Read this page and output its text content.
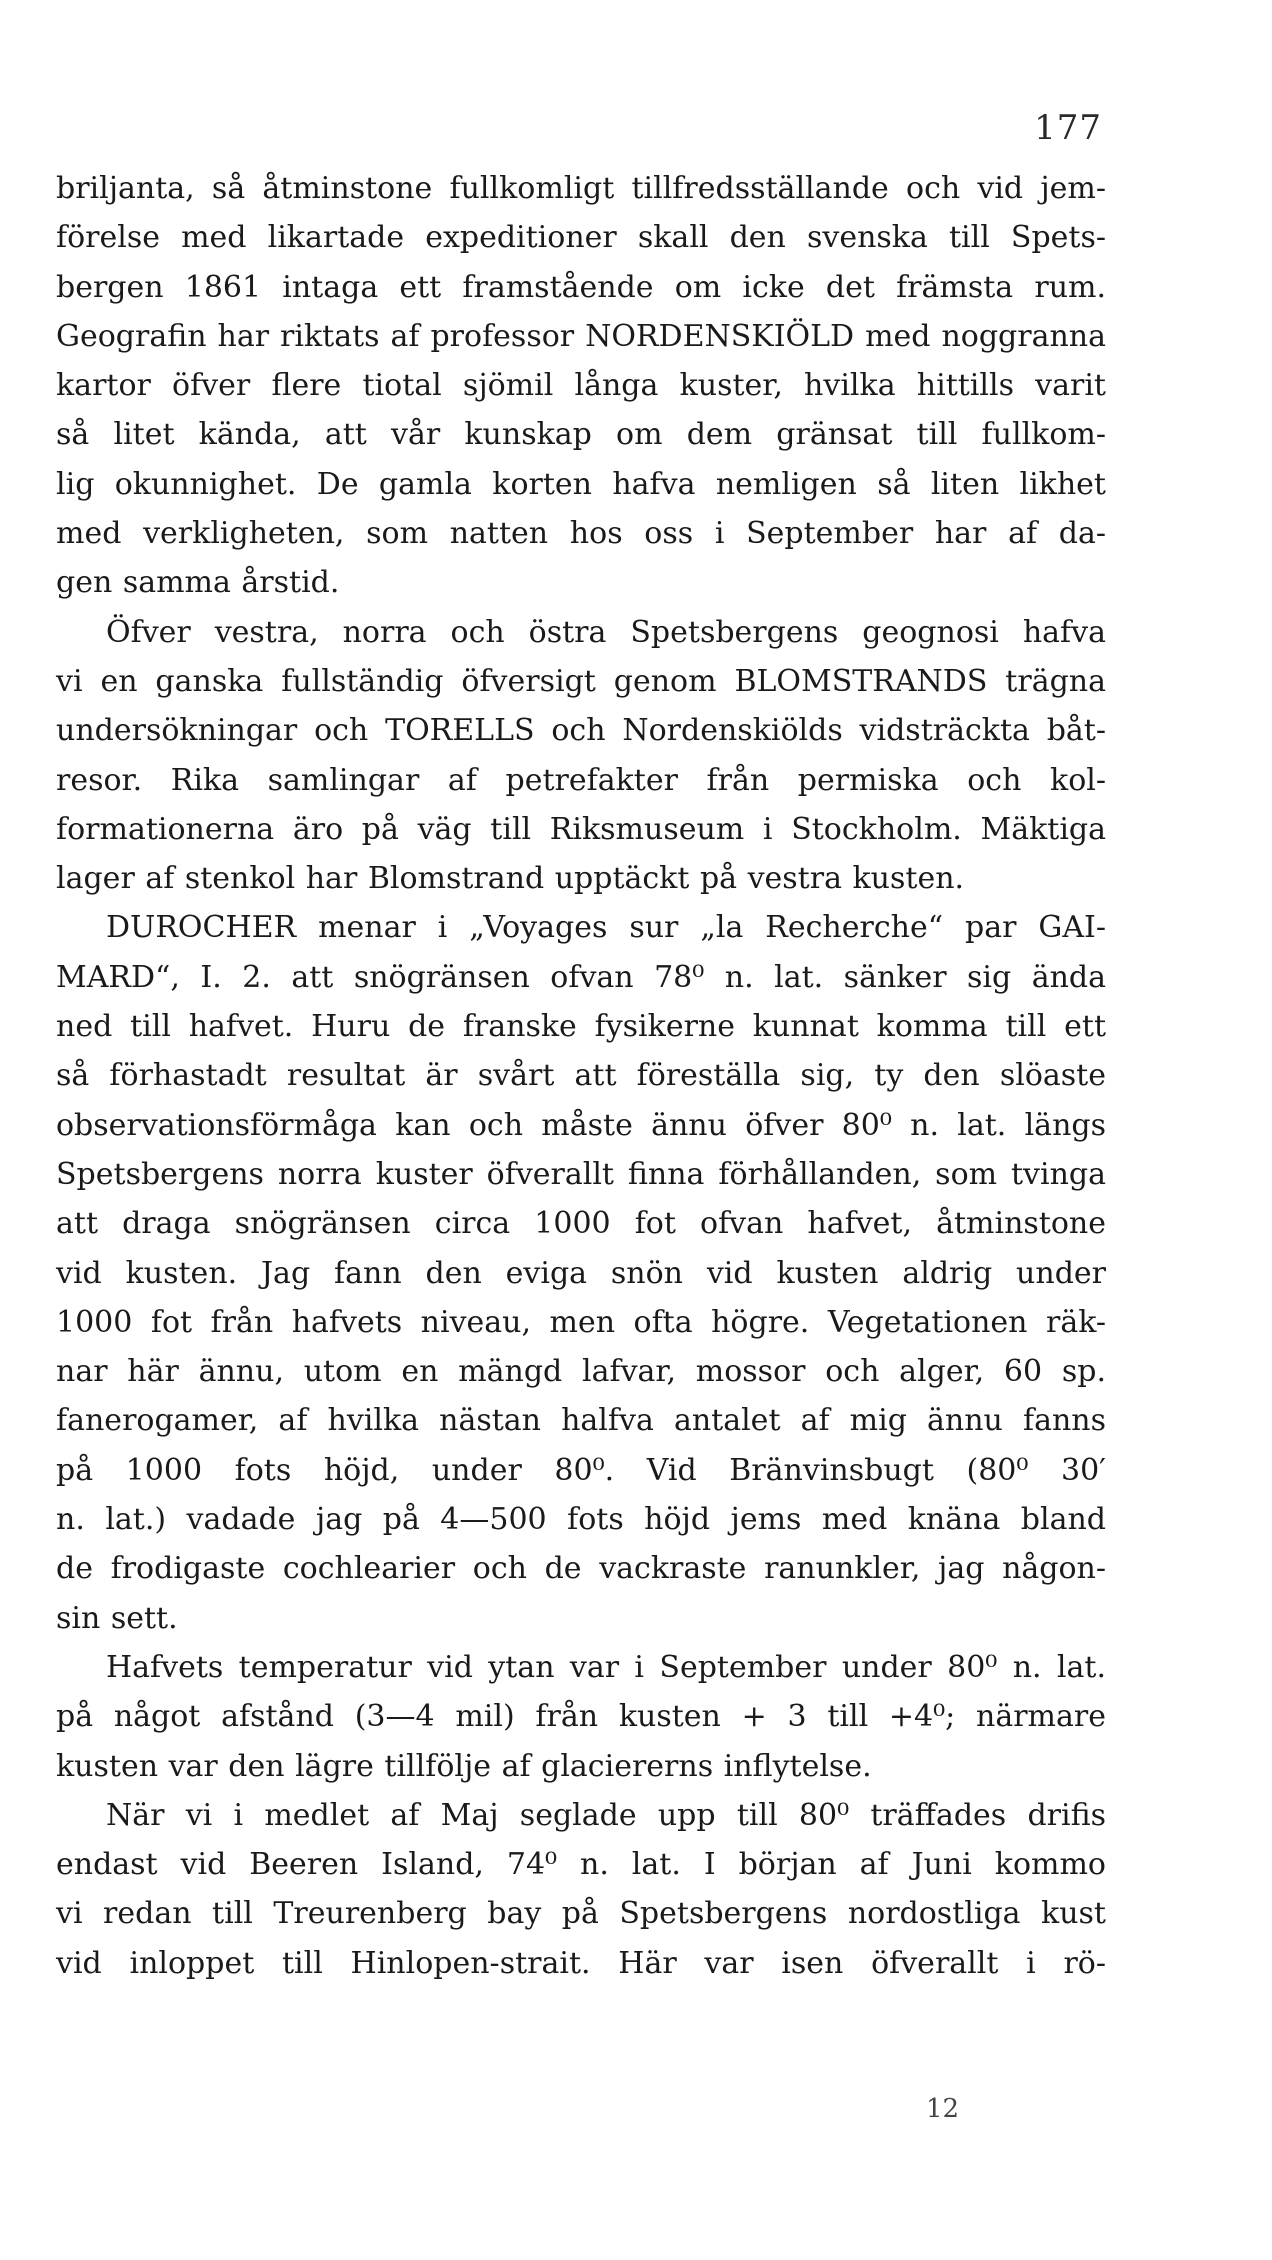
177
briljanta, så åtminstone fullkomligt tillfredsställande och vid jem-
förelse med likartade expeditioner skall den svenska till Spets-
bergen 1861 intaga ett framstående om icke det främsta rum.
Geografin har riktats af professor NORDENSKIÖLD med noggranna
kartor öfver flere tiotal sjömil långa kuster, hvilka hittills varit
så litet kända, att vår kunskap om dem gränsat till fullkom-
lig okunnighet. De gamla korten hafva nemligen så liten likhet
med verkligheten, som natten hos oss i September har af da-
gen samma årstid.
Öfver vestra, norra och östra Spetsbergens geognosi hafva
vi en ganska fullständig öfversigt genom BLOMSTRANDS trägna
undersökningar och TORELLS och Nordenskiölds vidsträckta båt-
resor. Rika samlingar af petrefakter från permiska och kol-
formationerna äro på väg till Riksmuseum i Stockholm. Mäktiga
lager af stenkol har Blomstrand upptäckt på vestra kusten.
DUROCHER menar i „Voyages sur „la Recherche“ par GAI-
MARD“, I. 2. att snögränsen ofvan 78⁰ n. lat. sänker sig ända
ned till hafvet. Huru de franske fysikerne kunnat komma till ett
så förhastadt resultat är svårt att föreställa sig, ty den slöaste
observationsförmåga kan och måste ännu öfver 80⁰ n. lat. längs
Spetsbergens norra kuster öfverallt finna förhållanden, som tvinga
att draga snögränsen circa 1000 fot ofvan hafvet, åtminstone
vid kusten. Jag fann den eviga snön vid kusten aldrig under
1000 fot från hafvets niveau, men ofta högre. Vegetationen räk-
nar här ännu, utom en mängd lafvar, mossor och alger, 60 sp.
fanerogamer, af hvilka nästan halfva antalet af mig ännu fanns
på 1000 fots höjd, under 80⁰. Vid Bränvinsbugt (80⁰ 30′
n. lat.) vadade jag på 4—500 fots höjd jems med knäna bland
de frodigaste cochlearier och de vackraste ranunkler, jag någon-
sin sett.
Hafvets temperatur vid ytan var i September under 80⁰ n. lat.
på något afstånd (3—4 mil) från kusten + 3 till +4⁰; närmare
kusten var den lägre tillfölje af glaciererns inflytelse.
När vi i medlet af Maj seglade upp till 80⁰ träffades drifis
endast vid Beeren Island, 74⁰ n. lat. I början af Juni kommo
vi redan till Treurenberg bay på Spetsbergens nordostliga kust
vid inloppet till Hinlopen-strait. Här var isen öfverallt i rö-
12
